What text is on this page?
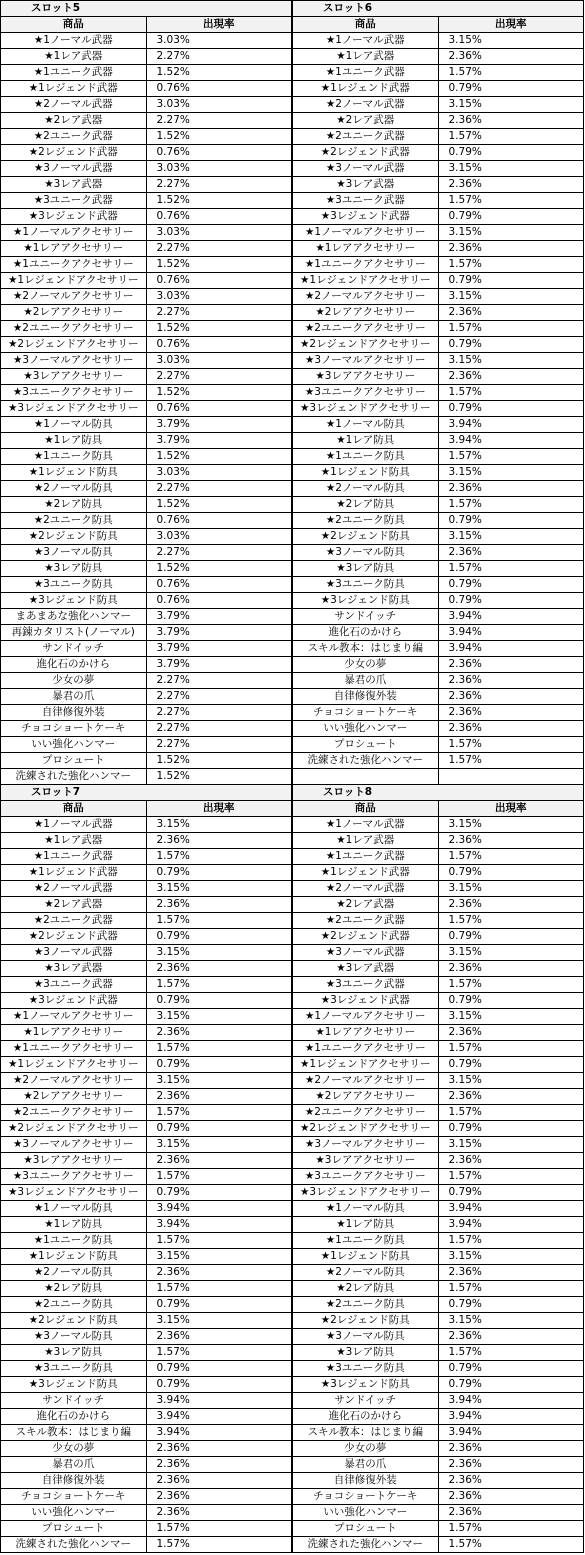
スロット5	
商品	出現率
★1ノーマル武器	3.03%
★1レア武器	2.27%
★1ユニーク武器	1.52%
★1レジェンド武器	0.76%
★2ノーマル武器	3.03%
★2レア武器	2.27%
★2ユニーク武器	1.52%
★2レジェンド武器	0.76%
★3ノーマル武器	3.03%
★3レア武器	2.27%
★3ユニーク武器	1.52%
★3レジェンド武器	0.76%
★1ノーマルアクセサリー	3.03%
★1レアアクセサリー	2.27%
★1ユニークアクセサリー	1.52%
★1レジェンドアクセサリー	0.76%
★2ノーマルアクセサリー	3.03%
★2レアアクセサリー	2.27%
★2ユニークアクセサリー	1.52%
★2レジェンドアクセサリー	0.76%
★3ノーマルアクセサリー	3.03%
★3レアアクセサリー	2.27%
★3ユニークアクセサリー	1.52%
★3レジェンドアクセサリー	0.76%
★1ノーマル防具	3.79%
★1レア防具	3.79%
★1ユニーク防具	1.52%
★1レジェンド防具	3.03%
★2ノーマル防具	2.27%
★2レア防具	1.52%
★2ユニーク防具	0.76%
★2レジェンド防具	3.03%
★3ノーマル防具	2.27%
★3レア防具	1.52%
★3ユニーク防具	0.76%
★3レジェンド防具	0.76%
まあまあな強化ハンマー	3.79%
再錬カタリスト(ノーマル)	3.79%
サンドイッチ	3.79%
進化石のかけら	3.79%
少女の夢	2.27%
暴君の爪	2.27%
自律修復外装	2.27%
チョコショートケーキ	2.27%
いい強化ハンマー	2.27%
プロシュート	1.52%
洗練された強化ハンマー	1.52%
スロット6	
商品	出現率
★1ノーマル武器	3.15%
★1レア武器	2.36%
★1ユニーク武器	1.57%
★1レジェンド武器	0.79%
★2ノーマル武器	3.15%
★2レア武器	2.36%
★2ユニーク武器	1.57%
★2レジェンド武器	0.79%
★3ノーマル武器	3.15%
★3レア武器	2.36%
★3ユニーク武器	1.57%
★3レジェンド武器	0.79%
★1ノーマルアクセサリー	3.15%
★1レアアクセサリー	2.36%
★1ユニークアクセサリー	1.57%
★1レジェンドアクセサリー	0.79%
★2ノーマルアクセサリー	3.15%
★2レアアクセサリー	2.36%
★2ユニークアクセサリー	1.57%
★2レジェンドアクセサリー	0.79%
★3ノーマルアクセサリー	3.15%
★3レアアクセサリー	2.36%
★3ユニークアクセサリー	1.57%
★3レジェンドアクセサリー	0.79%
★1ノーマル防具	3.94%
★1レア防具	3.94%
★1ユニーク防具	1.57%
★1レジェンド防具	3.15%
★2ノーマル防具	2.36%
★2レア防具	1.57%
★2ユニーク防具	0.79%
★2レジェンド防具	3.15%
★3ノーマル防具	2.36%
★3レア防具	1.57%
★3ユニーク防具	0.79%
★3レジェンド防具	0.79%
サンドイッチ	3.94%
進化石のかけら	3.94%
スキル教本：はじまり編	3.94%
少女の夢	2.36%
暴君の爪	2.36%
自律修復外装	2.36%
チョコショートケーキ	2.36%
いい強化ハンマー	2.36%
プロシュート	1.57%
洗練された強化ハンマー	1.57%

スロット7	
商品	出現率
★1ノーマル武器	3.15%
★1レア武器	2.36%
★1ユニーク武器	1.57%
★1レジェンド武器	0.79%
★2ノーマル武器	3.15%
★2レア武器	2.36%
★2ユニーク武器	1.57%
★2レジェンド武器	0.79%
★3ノーマル武器	3.15%
★3レア武器	2.36%
★3ユニーク武器	1.57%
★3レジェンド武器	0.79%
★1ノーマルアクセサリー	3.15%
★1レアアクセサリー	2.36%
★1ユニークアクセサリー	1.57%
★1レジェンドアクセサリー	0.79%
★2ノーマルアクセサリー	3.15%
★2レアアクセサリー	2.36%
★2ユニークアクセサリー	1.57%
★2レジェンドアクセサリー	0.79%
★3ノーマルアクセサリー	3.15%
★3レアアクセサリー	2.36%
★3ユニークアクセサリー	1.57%
★3レジェンドアクセサリー	0.79%
★1ノーマル防具	3.94%
★1レア防具	3.94%
★1ユニーク防具	1.57%
★1レジェンド防具	3.15%
★2ノーマル防具	2.36%
★2レア防具	1.57%
★2ユニーク防具	0.79%
★2レジェンド防具	3.15%
★3ノーマル防具	2.36%
★3レア防具	1.57%
★3ユニーク防具	0.79%
★3レジェンド防具	0.79%
サンドイッチ	3.94%
進化石のかけら	3.94%
スキル教本：はじまり編	3.94%
少女の夢	2.36%
暴君の爪	2.36%
自律修復外装	2.36%
チョコショートケーキ	2.36%
いい強化ハンマー	2.36%
プロシュート	1.57%
洗練された強化ハンマー	1.57%
スロット8	
商品	出現率
★1ノーマル武器	3.15%
★1レア武器	2.36%
★1ユニーク武器	1.57%
★1レジェンド武器	0.79%
★2ノーマル武器	3.15%
★2レア武器	2.36%
★2ユニーク武器	1.57%
★2レジェンド武器	0.79%
★3ノーマル武器	3.15%
★3レア武器	2.36%
★3ユニーク武器	1.57%
★3レジェンド武器	0.79%
★1ノーマルアクセサリー	3.15%
★1レアアクセサリー	2.36%
★1ユニークアクセサリー	1.57%
★1レジェンドアクセサリー	0.79%
★2ノーマルアクセサリー	3.15%
★2レアアクセサリー	2.36%
★2ユニークアクセサリー	1.57%
★2レジェンドアクセサリー	0.79%
★3ノーマルアクセサリー	3.15%
★3レアアクセサリー	2.36%
★3ユニークアクセサリー	1.57%
★3レジェンドアクセサリー	0.79%
★1ノーマル防具	3.94%
★1レア防具	3.94%
★1ユニーク防具	1.57%
★1レジェンド防具	3.15%
★2ノーマル防具	2.36%
★2レア防具	1.57%
★2ユニーク防具	0.79%
★2レジェンド防具	3.15%
★3ノーマル防具	2.36%
★3レア防具	1.57%
★3ユニーク防具	0.79%
★3レジェンド防具	0.79%
サンドイッチ	3.94%
進化石のかけら	3.94%
スキル教本：はじまり編	3.94%
少女の夢	2.36%
暴君の爪	2.36%
自律修復外装	2.36%
チョコショートケーキ	2.36%
いい強化ハンマー	2.36%
プロシュート	1.57%
洗練された強化ハンマー	1.57%
